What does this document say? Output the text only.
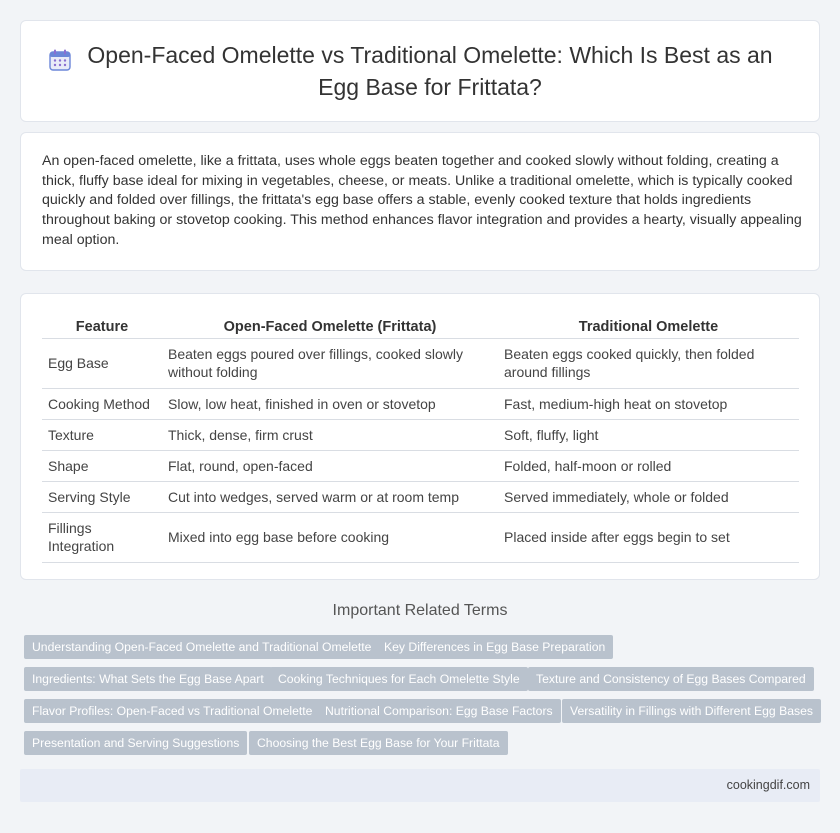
Open-Faced Omelette vs Traditional Omelette: Which Is Best as an Egg Base for Frittata?

An open-faced omelette, like a frittata, uses whole eggs beaten together and cooked slowly without folding, creating a thick, fluffy base ideal for mixing in vegetables, cheese, or meats. Unlike a traditional omelette, which is typically cooked quickly and folded over fillings, the frittata's egg base offers a stable, evenly cooked texture that holds ingredients throughout baking or stovetop cooking. This method enhances flavor integration and provides a hearty, visually appealing meal option.

Feature	Open-Faced Omelette (Frittata)	Traditional Omelette
Egg Base	Beaten eggs poured over fillings, cooked slowly without folding	Beaten eggs cooked quickly, then folded around fillings
Cooking Method	Slow, low heat, finished in oven or stovetop	Fast, medium-high heat on stovetop
Texture	Thick, dense, firm crust	Soft, fluffy, light
Shape	Flat, round, open-faced	Folded, half-moon or rolled
Serving Style	Cut into wedges, served warm or at room temp	Served immediately, whole or folded
Fillings Integration	Mixed into egg base before cooking	Placed inside after eggs begin to set
Important Related Terms
Understanding Open-Faced Omelette and Traditional Omelette	Key Differences in Egg Base Preparation
Ingredients: What Sets the Egg Base Apart	Cooking Techniques for Each Omelette Style	Texture and Consistency of Egg Bases Compared
Flavor Profiles: Open-Faced vs Traditional Omelette	Nutritional Comparison: Egg Base Factors	Versatility in Fillings with Different Egg Bases
Presentation and Serving Suggestions	Choosing the Best Egg Base for Your Frittata
cookingdif.com
